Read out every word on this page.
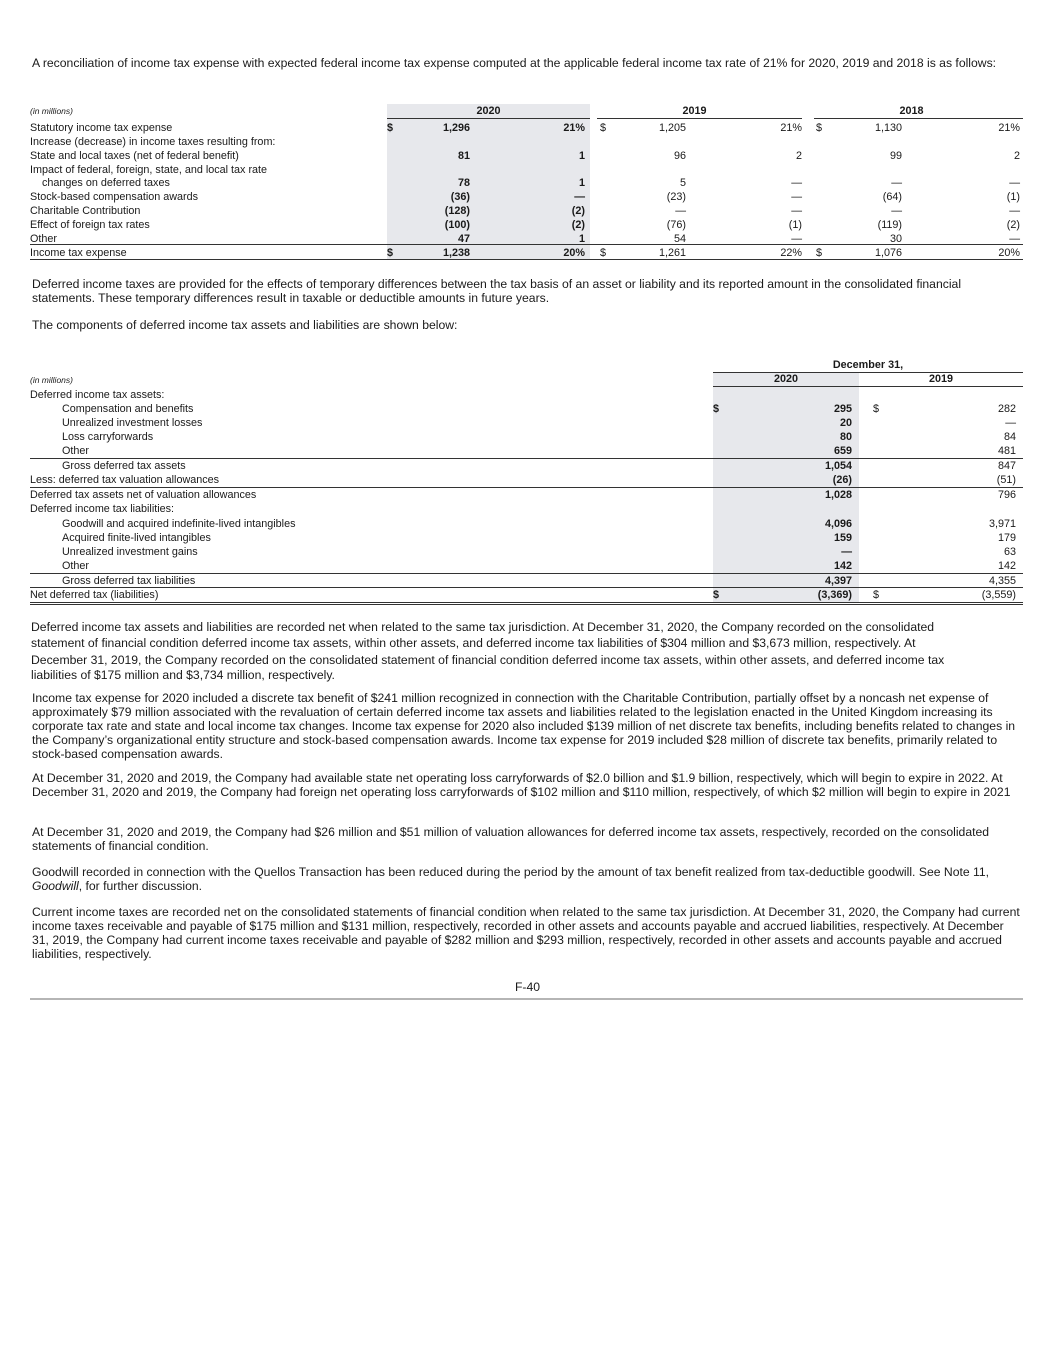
A reconciliation of income tax expense with expected federal income tax expense computed at the applicable federal income tax rate of 21% for 2020, 2019 and 2018 is as follows:
(in millions)	2020	2019	2018
Statutory income tax expense	$	1,296	21% $	1,205	21% $	1,130	21%
Increase (decrease) in income taxes resulting from:
State and local taxes (net of federal benefit)	81	1	96	2	99	2
Impact of federal, foreign, state, and local tax rate
changes on deferred taxes	78	1	5	—	—	—
Stock-based compensation awards	(36)	—	(23)	—	(64)	(1)
Charitable Contribution	(128)	(2)	—	—	—	—
Effect of foreign tax rates	(100)	(2)	(76)	(1)	(119)	(2)
Other	47	1	54	—	30	—
Income tax expense	$	1,238	20% $	1,261	22% $	1,076	20%
Deferred income taxes are provided for the effects of temporary differences between the tax basis of an asset or liability and its reported amount in the consolidated financial statements. These temporary differences result in taxable or deductible amounts in future years.
The components of deferred income tax assets and liabilities are shown below:
December 31,
(in millions)	2020	2019
Deferred income tax assets:
Compensation and benefits	$	295 $	282
Unrealized investment losses	20	—
Loss carryforwards	80	84
Other	659	481
Gross deferred tax assets	1,054	847
Less: deferred tax valuation allowances	(26)	(51)
Deferred tax assets net of valuation allowances	1,028	796
Deferred income tax liabilities:
Goodwill and acquired indefinite-lived intangibles	4,096	3,971
Acquired finite-lived intangibles	159	179
Unrealized investment gains	—	63
Other	142	142
Gross deferred tax liabilities	4,397	4,355
Net deferred tax (liabilities)	$	(3,369) $	(3,559)
Deferred income tax assets and liabilities are recorded net when related to the same tax jurisdiction. At December 31, 2020, the Company recorded on the consolidated
statement of financial condition deferred income tax assets, within other assets, and deferred income tax liabilities of $304 million and $3,673 million, respectively. At
December 31, 2019, the Company recorded on the consolidated statement of financial condition deferred income tax assets, within other assets, and deferred income tax
liabilities of $175 million and $3,734 million, respectively.
Income tax expense for 2020 included a discrete tax benefit of $241 million recognized in connection with the Charitable Contribution, partially offset by a noncash net expense of approximately $79 million associated with the revaluation of certain deferred income tax assets and liabilities related to the legislation enacted in the United Kingdom increasing its corporate tax rate and state and local income tax changes. Income tax expense for 2020 also included $139 million of net discrete tax benefits, including benefits related to changes in the Company’s organizational entity structure and stock-based compensation awards. Income tax expense for 2019 included $28 million of discrete tax benefits, primarily related to stock-based compensation awards.
At December 31, 2020 and 2019, the Company had available state net operating loss carryforwards of $2.0 billion and $1.9 billion, respectively, which will begin to expire in 2022. At December 31, 2020 and 2019, the Company had foreign net operating loss carryforwards of $102 million and $110 million, respectively, of which $2 million will begin to expire in 2021
At December 31, 2020 and 2019, the Company had $26 million and $51 million of valuation allowances for deferred income tax assets, respectively, recorded on the consolidated statements of financial condition.
Goodwill recorded in connection with the Quellos Transaction has been reduced during the period by the amount of tax benefit realized from tax-deductible goodwill. See Note 11, Goodwill, for further discussion.
Current income taxes are recorded net on the consolidated statements of financial condition when related to the same tax jurisdiction. At December 31, 2020, the Company had current income taxes receivable and payable of $175 million and $131 million, respectively, recorded in other assets and accounts payable and accrued liabilities, respectively. At December 31, 2019, the Company had current income taxes receivable and payable of $282 million and $293 million, respectively, recorded in other assets and accounts payable and accrued liabilities, respectively.
F-40
